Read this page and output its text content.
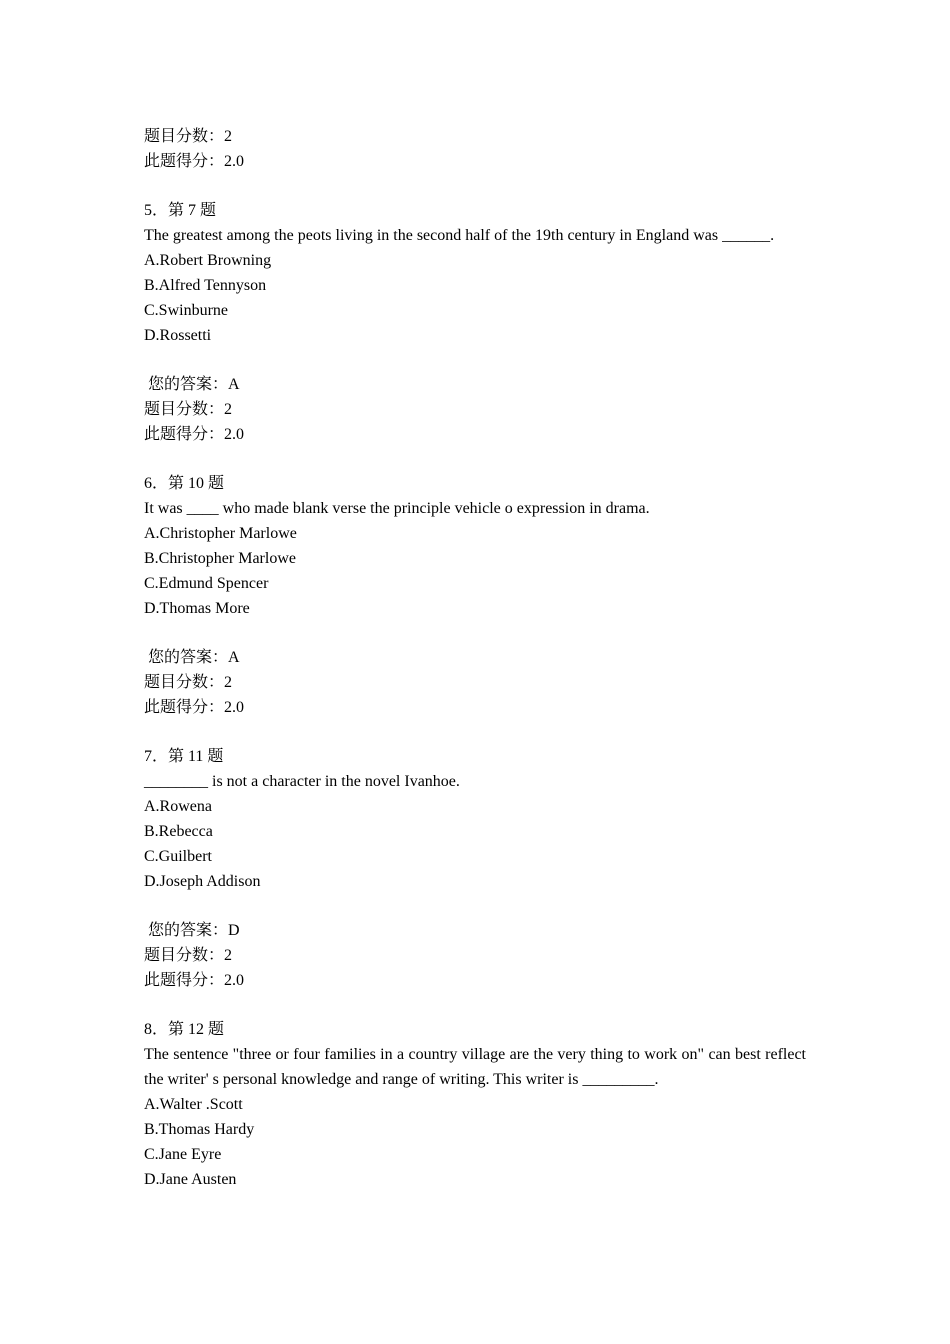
题目分数：2
此题得分：2.0
5．第 7 题
The greatest among the peots living in the second half of the 19th century in England was ______.
A.Robert Browning
B.Alfred Tennyson
C.Swinburne
D.Rossetti
您的答案：A
题目分数：2
此题得分：2.0
6．第 10 题
It was ____ who made blank verse the principle vehicle o expression in drama.
A.Christopher Marlowe
B.Christopher Marlowe
C.Edmund Spencer
D.Thomas More
您的答案：A
题目分数：2
此题得分：2.0
7．第 11 题
________ is not a character in the novel Ivanhoe.
A.Rowena
B.Rebecca
C.Guilbert
D.Joseph Addison
您的答案：D
题目分数：2
此题得分：2.0
8．第 12 题
The sentence "three or four families in a country village are the very thing to work on" can best reflect the writer' s personal knowledge and range of writing. This writer is _________.
A.Walter .Scott
B.Thomas Hardy
C.Jane Eyre
D.Jane Austen
